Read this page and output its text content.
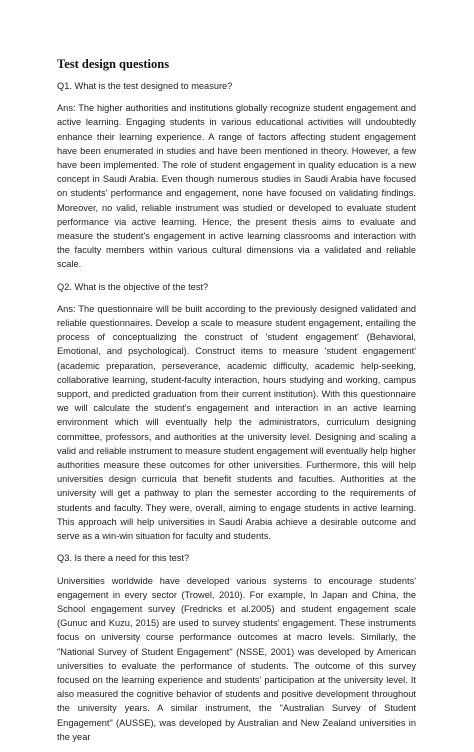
Test design questions
Q1. What is the test designed to measure?
Ans: The higher authorities and institutions globally recognize student engagement and active learning. Engaging students in various educational activities will undoubtedly enhance their learning experience. A range of factors affecting student engagement have been enumerated in studies and have been mentioned in theory. However, a few have been implemented. The role of student engagement in quality education is a new concept in Saudi Arabia. Even though numerous studies in Saudi Arabia have focused on students' performance and engagement, none have focused on validating findings. Moreover, no valid, reliable instrument was studied or developed to evaluate student performance via active learning. Hence, the present thesis aims to evaluate and measure the student's engagement in active learning classrooms and interaction with the faculty members within various cultural dimensions via a validated and reliable scale.
Q2. What is the objective of the test?
Ans: The questionnaire will be built according to the previously designed validated and reliable questionnaires. Develop a scale to measure student engagement, entailing the process of conceptualizing the construct of 'student engagement' (Behavioral, Emotional, and psychological). Construct items to measure 'student engagement' (academic preparation, perseverance, academic difficulty, academic help-seeking, collaborative learning, student-faculty interaction, hours studying and working, campus support, and predicted graduation from their current institution). With this questionnaire we will calculate the student's engagement and interaction in an active learning environment which will eventually help the administrators, curriculum designing committee, professors, and authorities at the university level. Designing and scaling a valid and reliable instrument to measure student engagement will eventually help higher authorities measure these outcomes for other universities. Furthermore, this will help universities design curricula that benefit students and faculties. Authorities at the university will get a pathway to plan the semester according to the requirements of students and faculty. They were, overall, aiming to engage students in active learning. This approach will help universities in Saudi Arabia achieve a desirable outcome and serve as a win-win situation for faculty and students.
Q3. Is there a need for this test?
Universities worldwide have developed various systems to encourage students' engagement in every sector (Trowel, 2010). For example, In Japan and China, the School engagement survey (Fredricks et al.2005) and student engagement scale (Gunuc and Kuzu, 2015) are used to survey students' engagement. These instruments focus on university course performance outcomes at macro levels. Similarly, the "National Survey of Student Engagement" (NSSE, 2001) was developed by American universities to evaluate the performance of students. The outcome of this survey focused on the learning experience and students' participation at the university level. It also measured the cognitive behavior of students and positive development throughout the university years. A similar instrument, the "Australian Survey of Student Engagement" (AUSSE), was developed by Australian and New Zealand universities in the year
